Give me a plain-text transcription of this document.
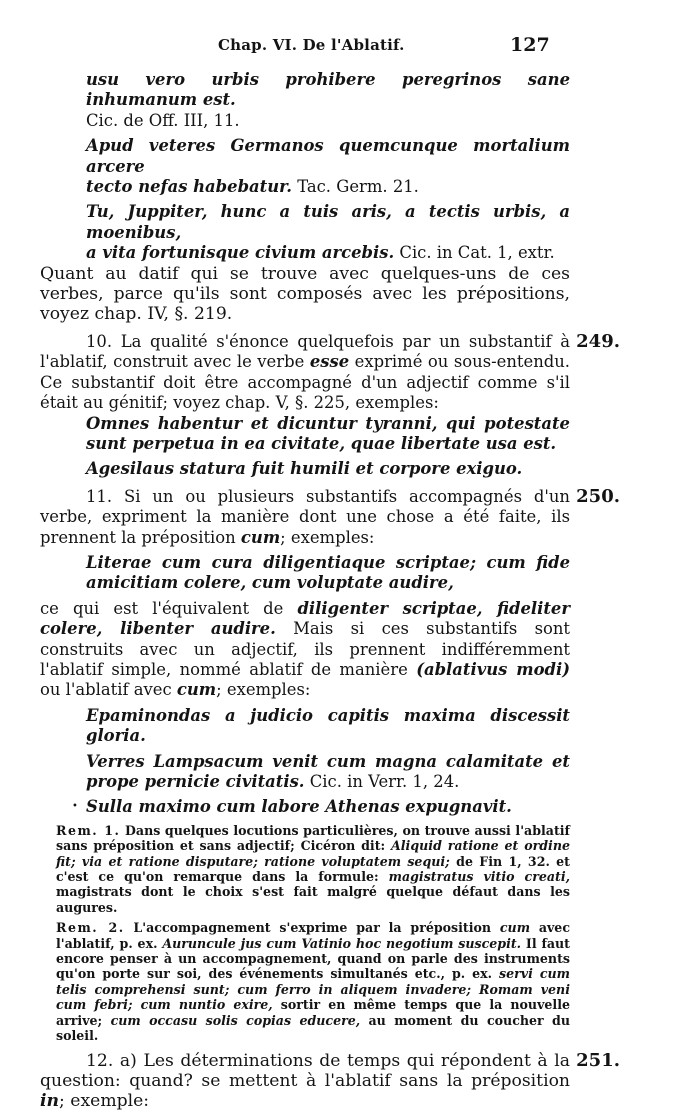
Chap. VI. De l'Ablatif.	127

usu vero urbis prohibere peregrinos sane inhumanum est.

Cic. de Off. III, 11.

Apud veteres Germanos quemcunque mortalium arcere

tecto nefas habebatur. Tac. Germ. 21.

Tu, Juppiter, hunc a tuis aris, a tectis urbis, a moenibus,

a vita fortunisque civium arcebis. Cic. in Cat. 1, extr.

Quant au datif qui se trouve avec quelques-uns de ces verbes, parce qu'ils sont composés avec les prépositions, voyez chap. IV, §. 219.

249.

10. La qualité s'énonce quelquefois par un substantif à l'ablatif, construit avec le verbe esse exprimé ou sous-entendu. Ce substantif doit être accompagné d'un adjectif comme s'il était au génitif; voyez chap. V, §. 225, exemples:

Omnes habentur et dicuntur tyranni, qui potestate sunt perpetua in ea civitate, quae libertate usa est.

Agesilaus statura fuit humili et corpore exiguo.

250.

11. Si un ou plusieurs substantifs accompagnés d'un verbe, expriment la manière dont une chose a été faite, ils prennent la préposition cum; exemples:

Literae cum cura diligentiaque scriptae; cum fide amicitiam colere, cum voluptate audire,

ce qui est l'équivalent de diligenter scriptae, fideliter colere, libenter audire. Mais si ces substantifs sont construits avec un adjectif, ils prennent indifféremment l'ablatif simple, nommé ablatif de manière (ablativus modi) ou l'ablatif avec cum; exemples:

Epaminondas a judicio capitis maxima discessit gloria.

Verres Lampsacum venit cum magna calamitate et prope pernicie civitatis. Cic. in Verr. 1, 24.

• Sulla maximo cum labore Athenas expugnavit.

Rem. 1. Dans quelques locutions particulières, on trouve aussi l'ablatif sans préposition et sans adjectif; Cicéron dit: Aliquid ratione et ordine fit; via et ratione disputare; ratione voluptatem sequi; de Fin 1, 32. et c'est ce qu'on remarque dans la formule: magistratus vitio creati, magistrats dont le choix s'est fait malgré quelque défaut dans les augures.

Rem. 2. L'accompagnement s'exprime par la préposition cum avec l'ablatif, p. ex. Auruncule jus cum Vatinio hoc negotium suscepit. Il faut encore penser à un accompagnement, quand on parle des instruments qu'on porte sur soi, des événements simultanés etc., p. ex. servi cum telis comprehensi sunt; cum ferro in aliquem invadere; Romam veni cum febri; cum nuntio exire, sortir en même temps que la nouvelle arrive; cum occasu solis copias educere, au moment du coucher du soleil.

251.

12. a) Les déterminations de temps qui répondent à la question: quand? se mettent à l'ablatif sans la préposition in; exemple:
